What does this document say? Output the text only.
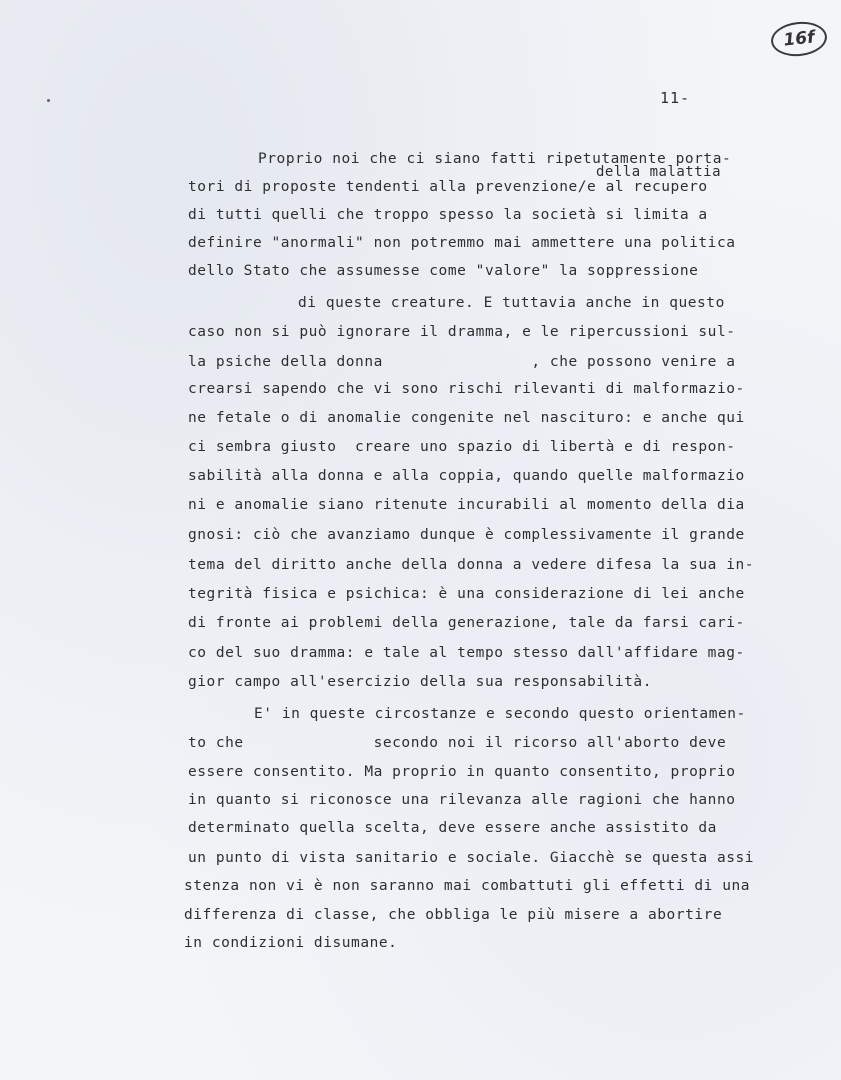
16f
11-
della malattia
Proprio noi che ci siano fatti ripetutamente porta-
tori di proposte tendenti alla prevenzione/e al recupero
di tutti quelli che troppo spesso la società si limita a
definire "anormali" non potremmo mai ammettere una politica
dello Stato che assumesse come "valore" la soppressione
di queste creature. E tuttavia anche in questo
caso non si può ignorare il dramma, e le ripercussioni sul-
la psiche della donna                , che possono venire a
crearsi sapendo che vi sono rischi rilevanti di malformazio-
ne fetale o di anomalie congenite nel nascituro: e anche qui
ci sembra giusto  creare uno spazio di libertà e di respon-
sabilità alla donna e alla coppia, quando quelle malformazio
ni e anomalie siano ritenute incurabili al momento della dia
gnosi: ciò che avanziamo dunque è complessivamente il grande
tema del diritto anche della donna a vedere difesa la sua in-
tegrità fisica e psichica: è una considerazione di lei anche
di fronte ai problemi della generazione, tale da farsi cari-
co del suo dramma: e tale al tempo stesso dall'affidare mag-
gior campo all'esercizio della sua responsabilità.
E' in queste circostanze e secondo questo orientamen-
to che              secondo noi il ricorso all'aborto deve
essere consentito. Ma proprio in quanto consentito, proprio
in quanto si riconosce una rilevanza alle ragioni che hanno
determinato quella scelta, deve essere anche assistito da
un punto di vista sanitario e sociale. Giacchè se questa assi
stenza non vi è non saranno mai combattuti gli effetti di una
differenza di classe, che obbliga le più misere a abortire
in condizioni disumane.
